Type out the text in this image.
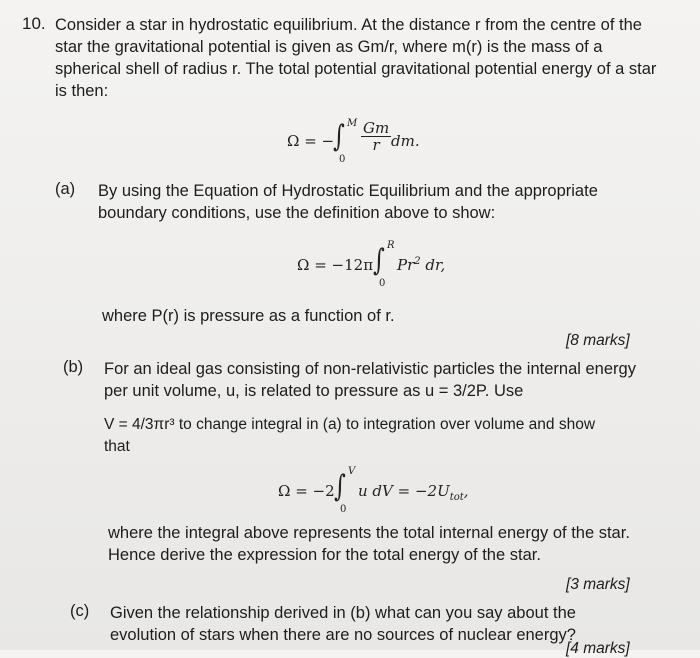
10. Consider a star in hydrostatic equilibrium. At the distance r from the centre of the star the gravitational potential is given as Gm/r, where m(r) is the mass of a spherical shell of radius r. The total potential gravitational potential energy of a star is then:
Ω = −
∫ M
0
$\frac{Gm}{r}$ dm.
(a) By using the Equation of Hydrostatic Equilibrium and the appropriate boundary conditions, use the definition above to show:
Ω = −12π ∫ R
0
Pr$^2$ dr,
where P(r) is pressure as a function of r.
[8 marks]
(b) For an ideal gas consisting of non-relativistic particles the internal energy per unit volume, u, is related to pressure as u = 3/2P. Use
V = 4/3πr³ to change integral in (a) to integration over volume and show that
Ω = −2 ∫ V
0
u dV = $-2U_{tot}$,
where the integral above represents the total internal energy of the star. Hence derive the expression for the total energy of the star.
[3 marks]
(c) Given the relationship derived in (b) what can you say about the evolution of stars when there are no sources of nuclear energy?
[4 marks]
